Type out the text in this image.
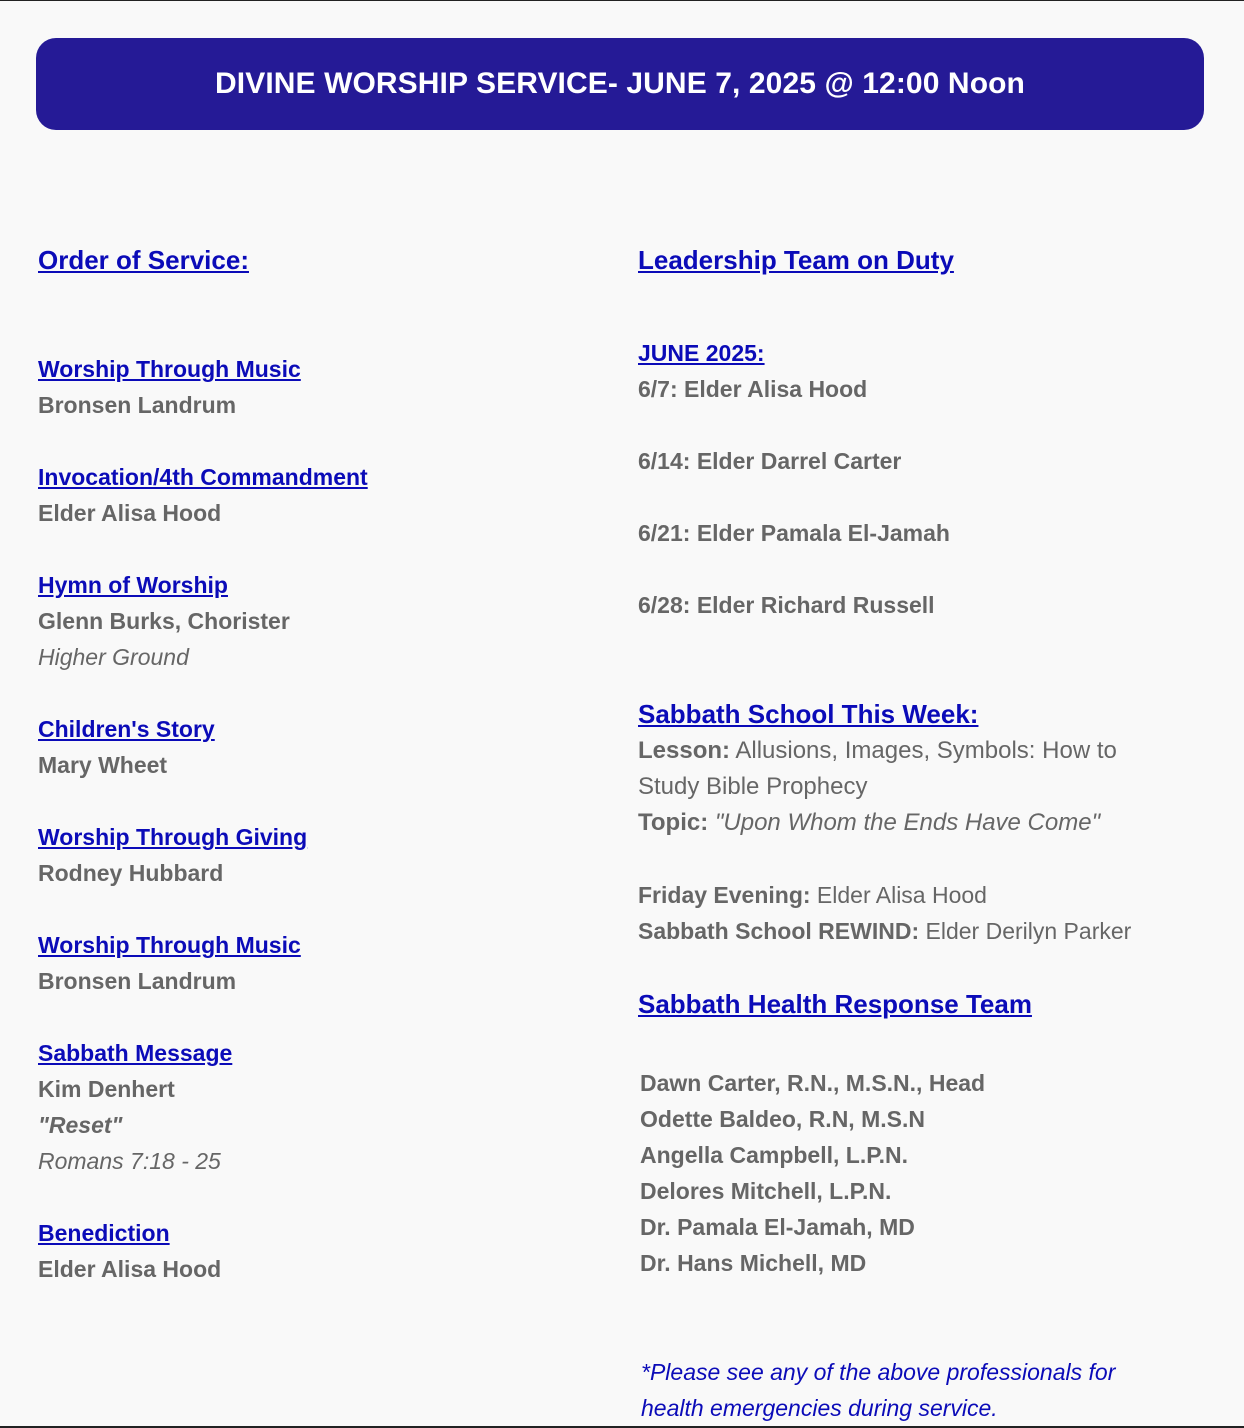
DIVINE WORSHIP SERVICE- JUNE 7, 2025 @ 12:00 Noon
Order of Service:
Worship Through Music
Bronsen Landrum
Invocation/4th Commandment
Elder Alisa Hood
Hymn of Worship
Glenn Burks, Chorister
Higher Ground
Children's Story
Mary Wheet
Worship Through Giving
Rodney Hubbard
Worship Through Music
Bronsen Landrum
Sabbath Message
Kim Denhert
"Reset"
Romans 7:18 - 25
Benediction
Elder Alisa Hood
Leadership Team on Duty
JUNE 2025:
6/7: Elder Alisa Hood
6/14: Elder Darrel Carter
6/21: Elder Pamala El-Jamah
6/28: Elder Richard Russell
Sabbath School This Week:
Lesson: Allusions, Images, Symbols: How to
Study Bible Prophecy
Topic: "Upon Whom the Ends Have Come"
Friday Evening: Elder Alisa Hood
Sabbath School REWIND: Elder Derilyn Parker
Sabbath Health Response Team
Dawn Carter, R.N., M.S.N., Head
Odette Baldeo, R.N, M.S.N
Angella Campbell, L.P.N.
Delores Mitchell, L.P.N.
Dr. Pamala El-Jamah, MD
Dr. Hans Michell, MD
*Please see any of the above professionals for
health emergencies during service.
